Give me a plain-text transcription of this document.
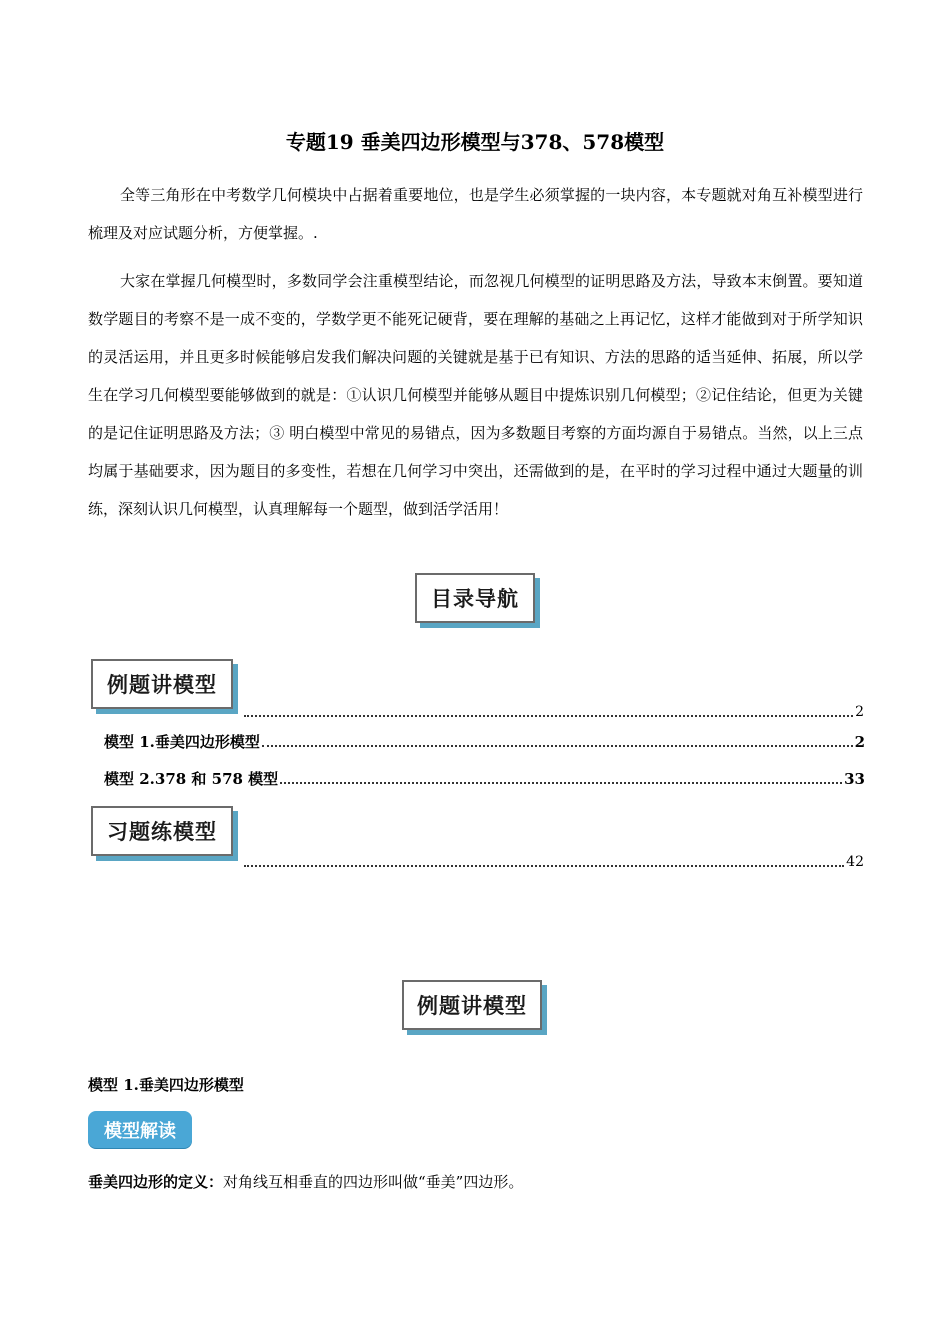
专题19 垂美四边形模型与378、578模型
全等三角形在中考数学几何模块中占据着重要地位，也是学生必须掌握的一块内容，本专题就对角互补模型进行梳理及对应试题分析，方便掌握。.
大家在掌握几何模型时，多数同学会注重模型结论，而忽视几何模型的证明思路及方法，导致本末倒置。要知道数学题目的考察不是一成不变的，学数学更不能死记硬背，要在理解的基础之上再记忆，这样才能做到对于所学知识的灵活运用，并且更多时候能够启发我们解决问题的关键就是基于已有知识、方法的思路的适当延伸、拓展，所以学生在学习几何模型要能够做到的就是：①认识几何模型并能够从题目中提炼识别几何模型；②记住结论，但更为关键的是记住证明思路及方法；③ 明白模型中常见的易错点，因为多数题目考察的方面均源自于易错点。当然，以上三点均属于基础要求，因为题目的多变性，若想在几何学习中突出，还需做到的是，在平时的学习过程中通过大题量的训练，深刻认识几何模型，认真理解每一个题型，做到活学活用！
目录导航
例题讲模型
2
模型 1.垂美四边形模型	2
模型 2.378 和 578 模型	33
习题练模型
42
例题讲模型
模型 1.垂美四边形模型
模型解读
垂美四边形的定义：对角线互相垂直的四边形叫做“垂美”四边形。
